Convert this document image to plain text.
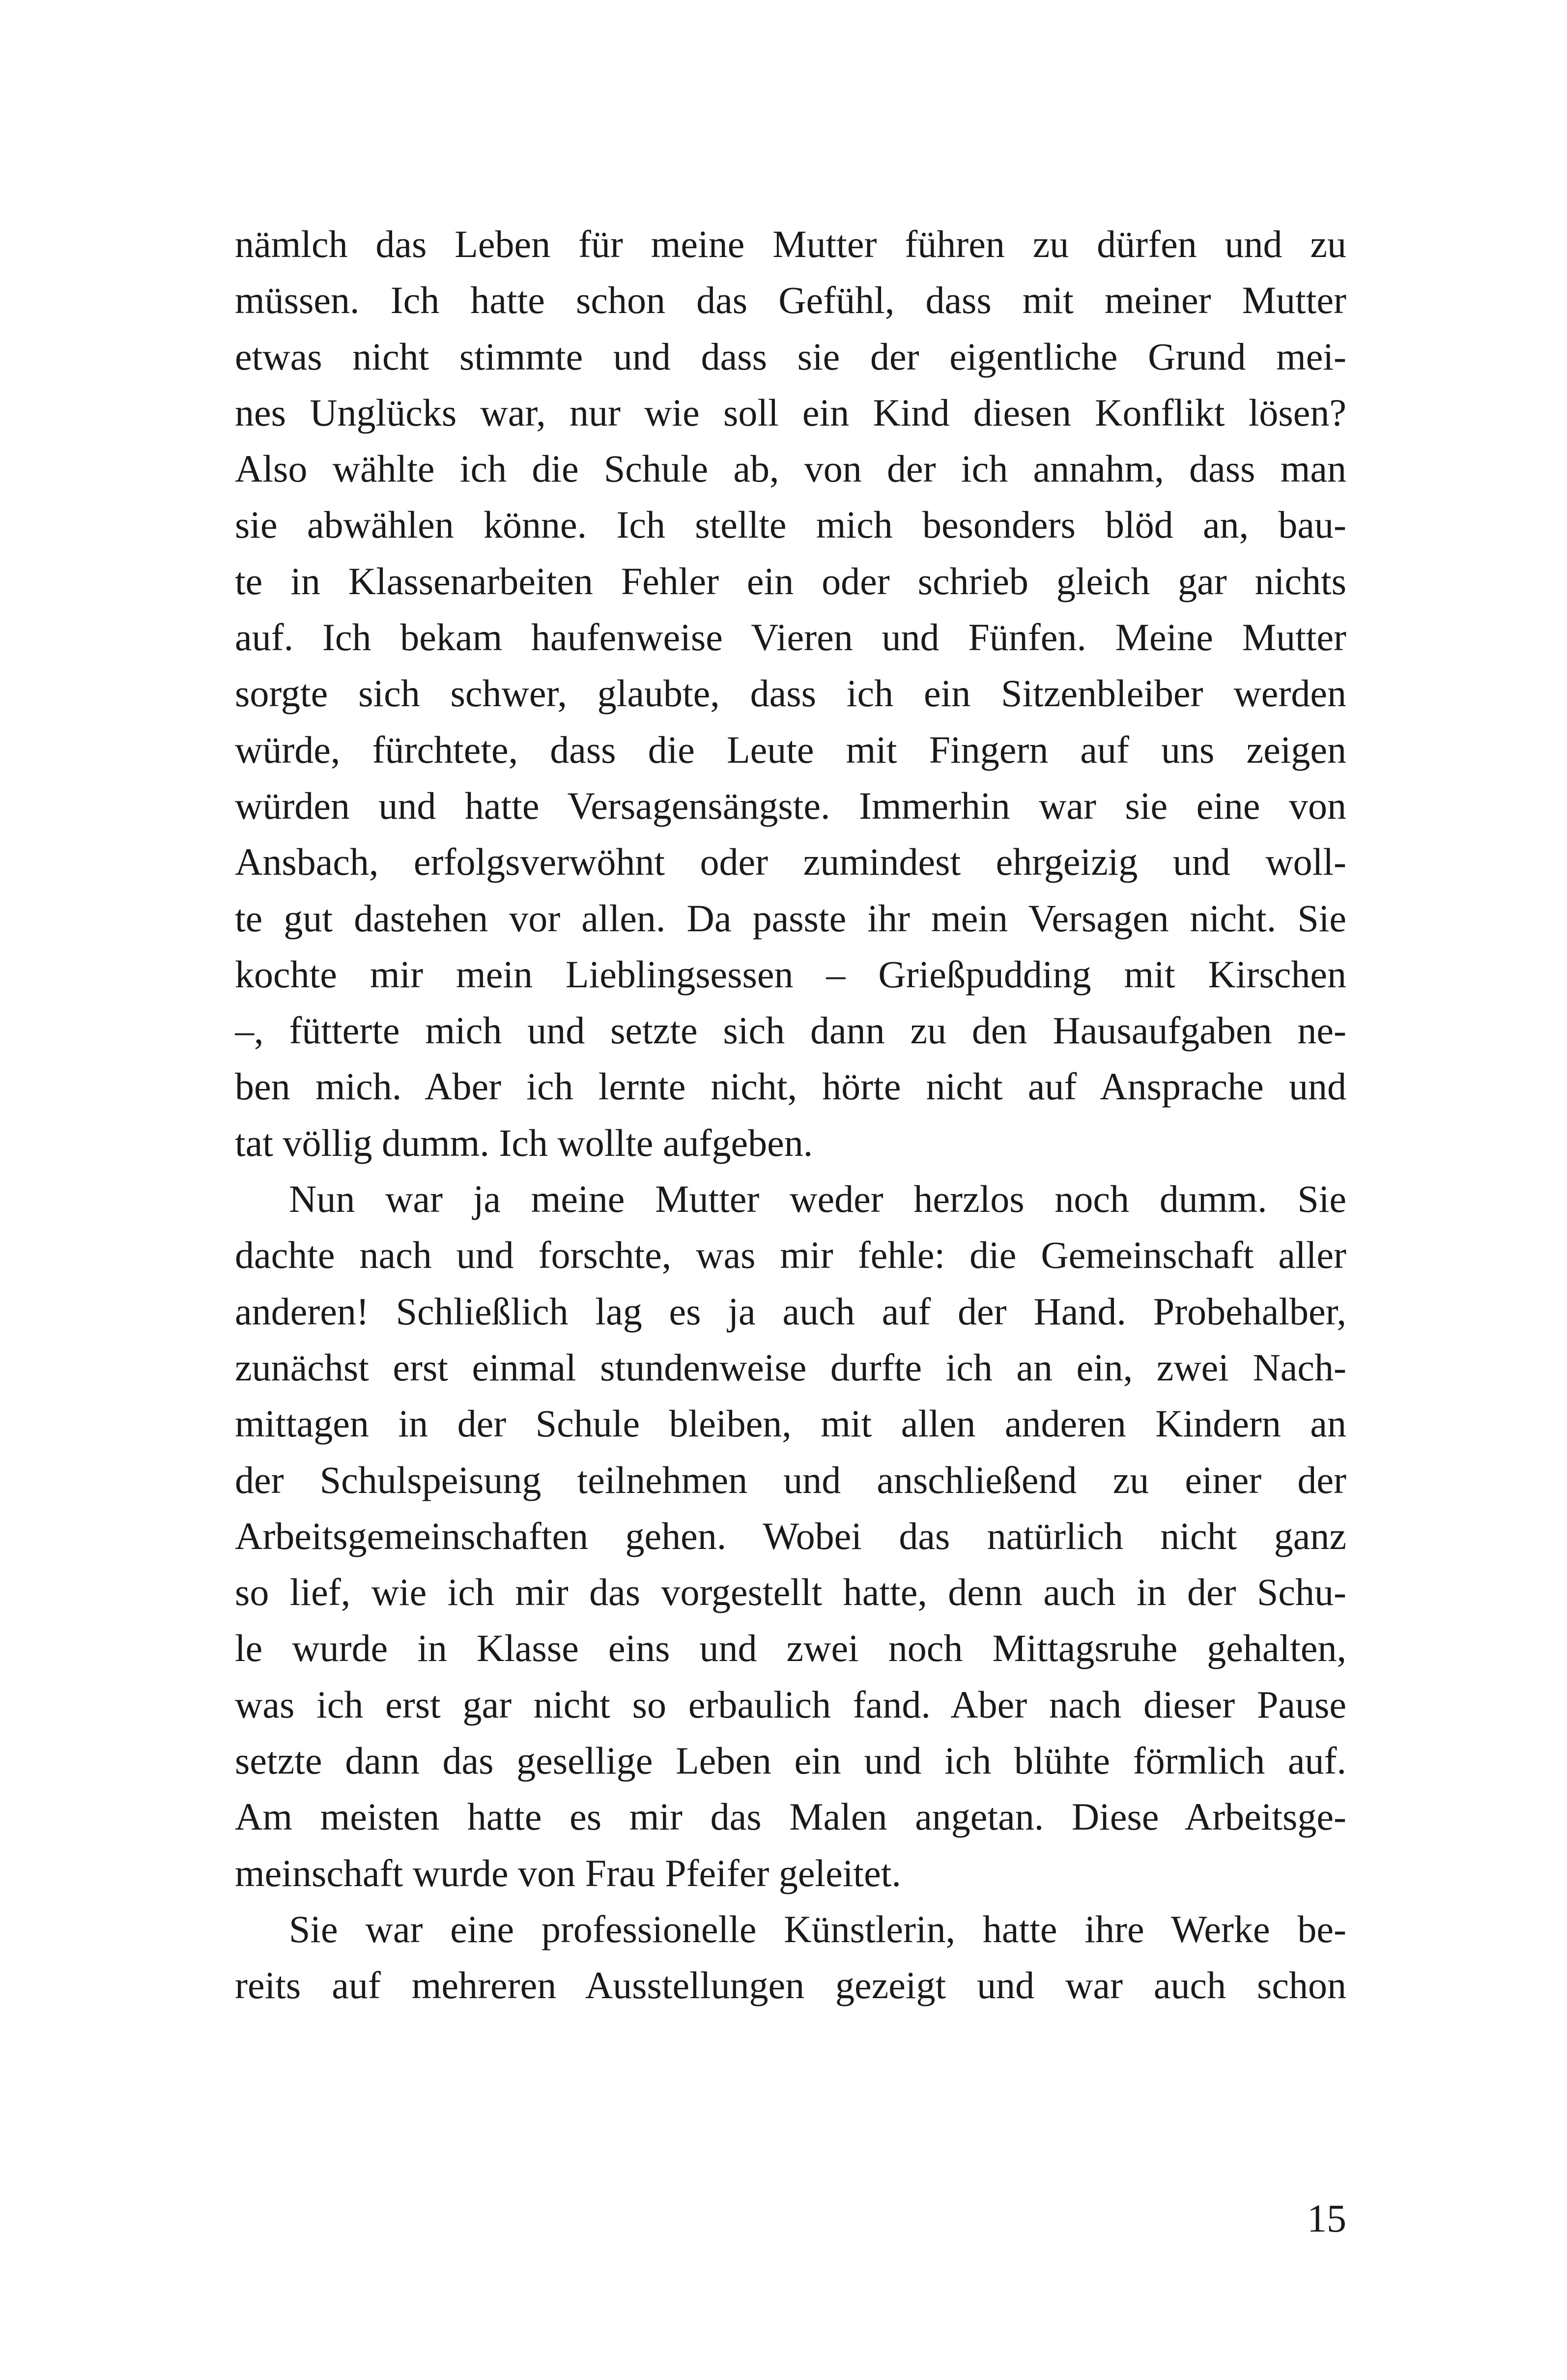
nämlch das Leben für meine Mutter führen zu dürfen und zu
müssen. Ich hatte schon das Gefühl, dass mit meiner Mutter
etwas nicht stimmte und dass sie der eigentliche Grund mei-
nes Unglücks war, nur wie soll ein Kind diesen Konflikt lösen?
Also wählte ich die Schule ab, von der ich annahm, dass man
sie abwählen könne. Ich stellte mich besonders blöd an, bau-
te in Klassenarbeiten Fehler ein oder schrieb gleich gar nichts
auf. Ich bekam haufenweise Vieren und Fünfen. Meine Mutter
sorgte sich schwer, glaubte, dass ich ein Sitzenbleiber werden
würde, fürchtete, dass die Leute mit Fingern auf uns zeigen
würden und hatte Versagensängste. Immerhin war sie eine von
Ansbach, erfolgsverwöhnt oder zumindest ehrgeizig und woll-
te gut dastehen vor allen. Da passte ihr mein Versagen nicht. Sie
kochte mir mein Lieblingsessen – Grießpudding mit Kirschen
–, fütterte mich und setzte sich dann zu den Hausaufgaben ne-
ben mich. Aber ich lernte nicht, hörte nicht auf Ansprache und
tat völlig dumm. Ich wollte aufgeben.
Nun war ja meine Mutter weder herzlos noch dumm. Sie
dachte nach und forschte, was mir fehle: die Gemeinschaft aller
anderen! Schließlich lag es ja auch auf der Hand. Probehalber,
zunächst erst einmal stundenweise durfte ich an ein, zwei Nach-
mittagen in der Schule bleiben, mit allen anderen Kindern an
der Schulspeisung teilnehmen und anschließend zu einer der
Arbeitsgemeinschaften gehen. Wobei das natürlich nicht ganz
so lief, wie ich mir das vorgestellt hatte, denn auch in der Schu-
le wurde in Klasse eins und zwei noch Mittagsruhe gehalten,
was ich erst gar nicht so erbaulich fand. Aber nach dieser Pause
setzte dann das gesellige Leben ein und ich blühte förmlich auf.
Am meisten hatte es mir das Malen angetan. Diese Arbeitsge-
meinschaft wurde von Frau Pfeifer geleitet.
Sie war eine professionelle Künstlerin, hatte ihre Werke be-
reits auf mehreren Ausstellungen gezeigt und war auch schon
15
